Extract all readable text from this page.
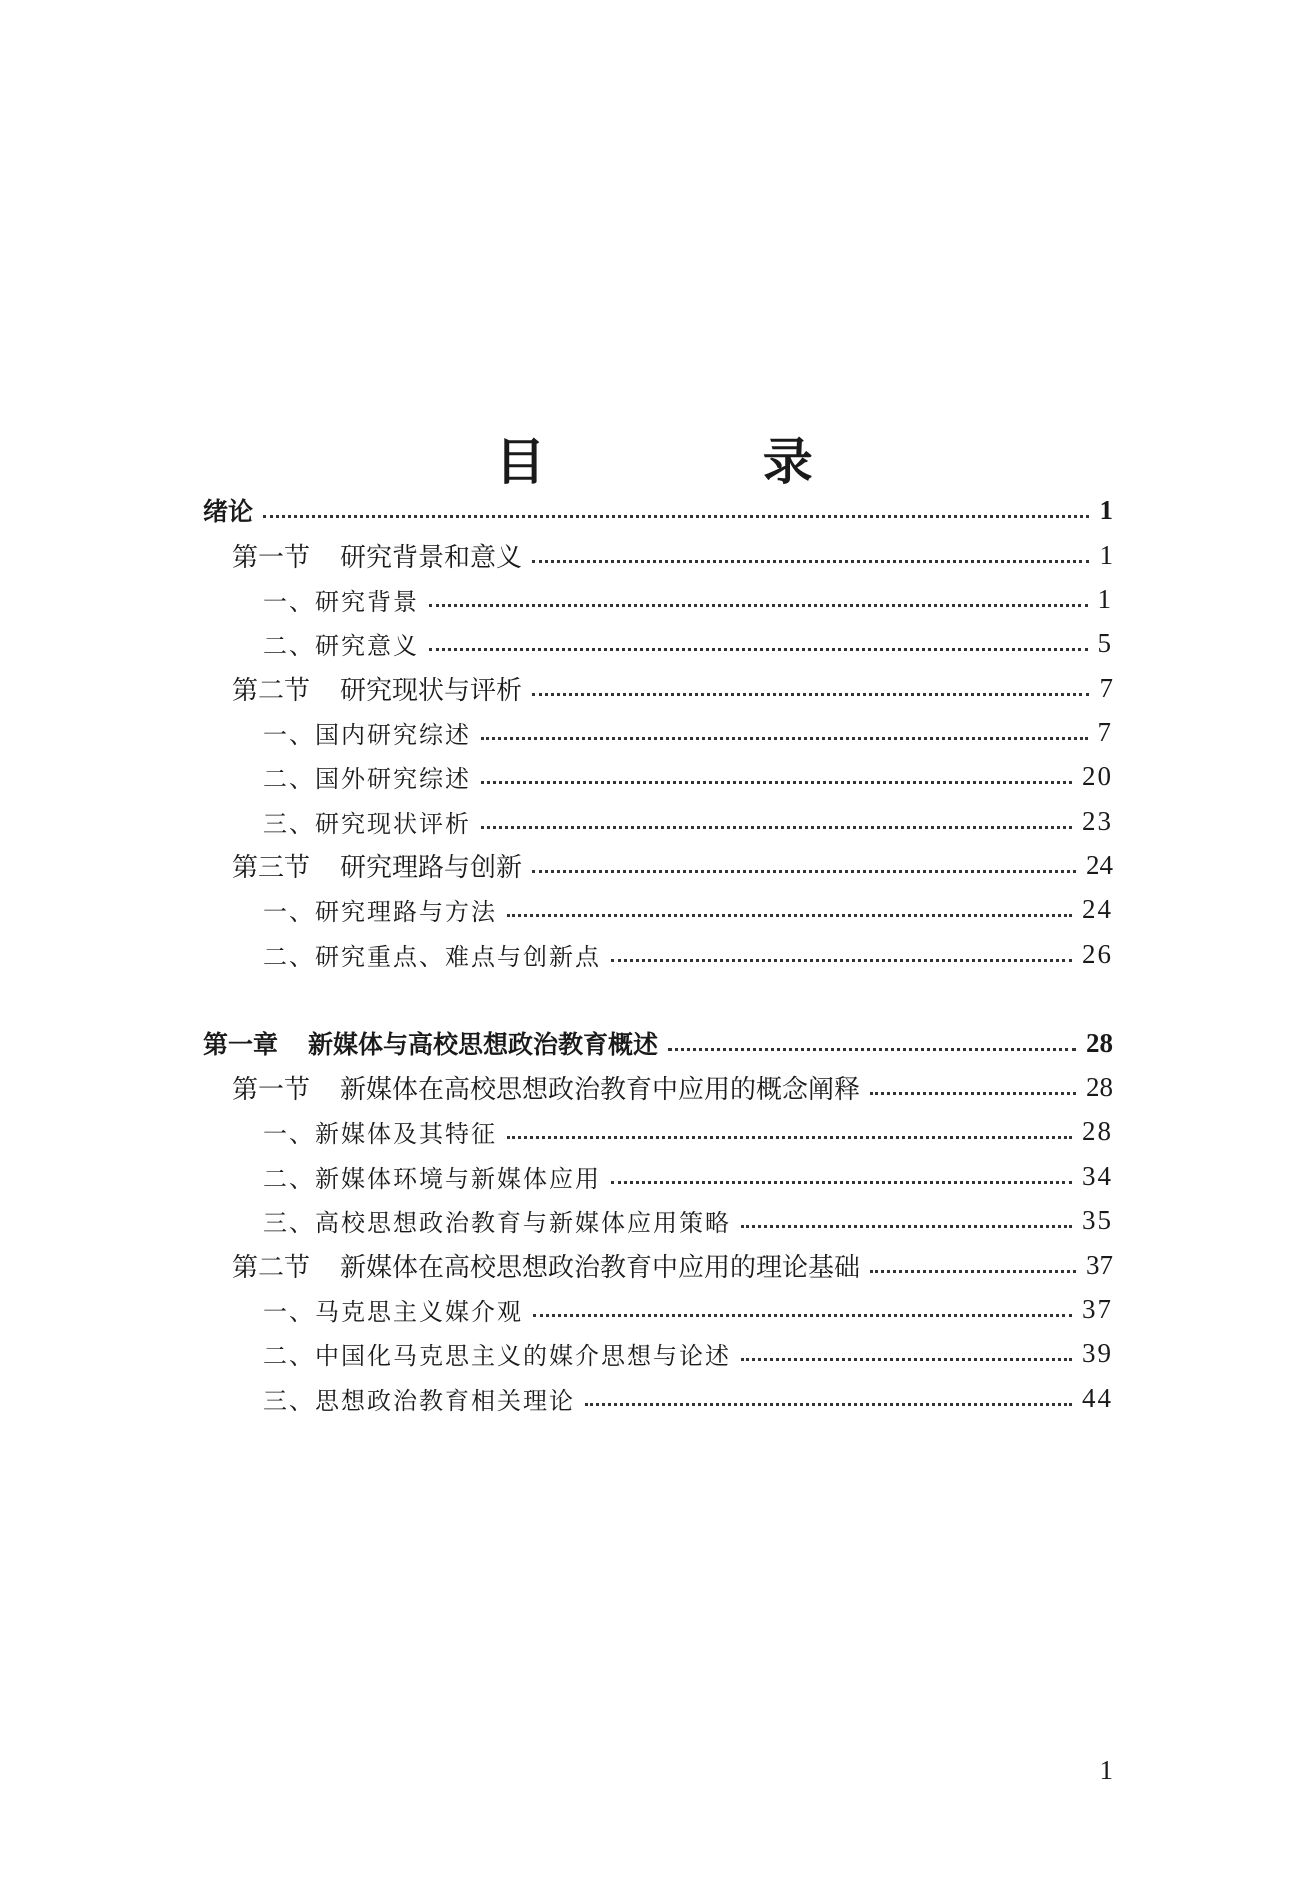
目 录
绪论	1
第一节 研究背景和意义	1
一、研究背景	1
二、研究意义	5
第二节 研究现状与评析	7
一、国内研究综述	7
二、国外研究综述	20
三、研究现状评析	23
第三节 研究理路与创新	24
一、研究理路与方法	24
二、研究重点、难点与创新点	26
第一章 新媒体与高校思想政治教育概述	28
第一节 新媒体在高校思想政治教育中应用的概念阐释	28
一、新媒体及其特征	28
二、新媒体环境与新媒体应用	34
三、高校思想政治教育与新媒体应用策略	35
第二节 新媒体在高校思想政治教育中应用的理论基础	37
一、马克思主义媒介观	37
二、中国化马克思主义的媒介思想与论述	39
三、思想政治教育相关理论	44
1
